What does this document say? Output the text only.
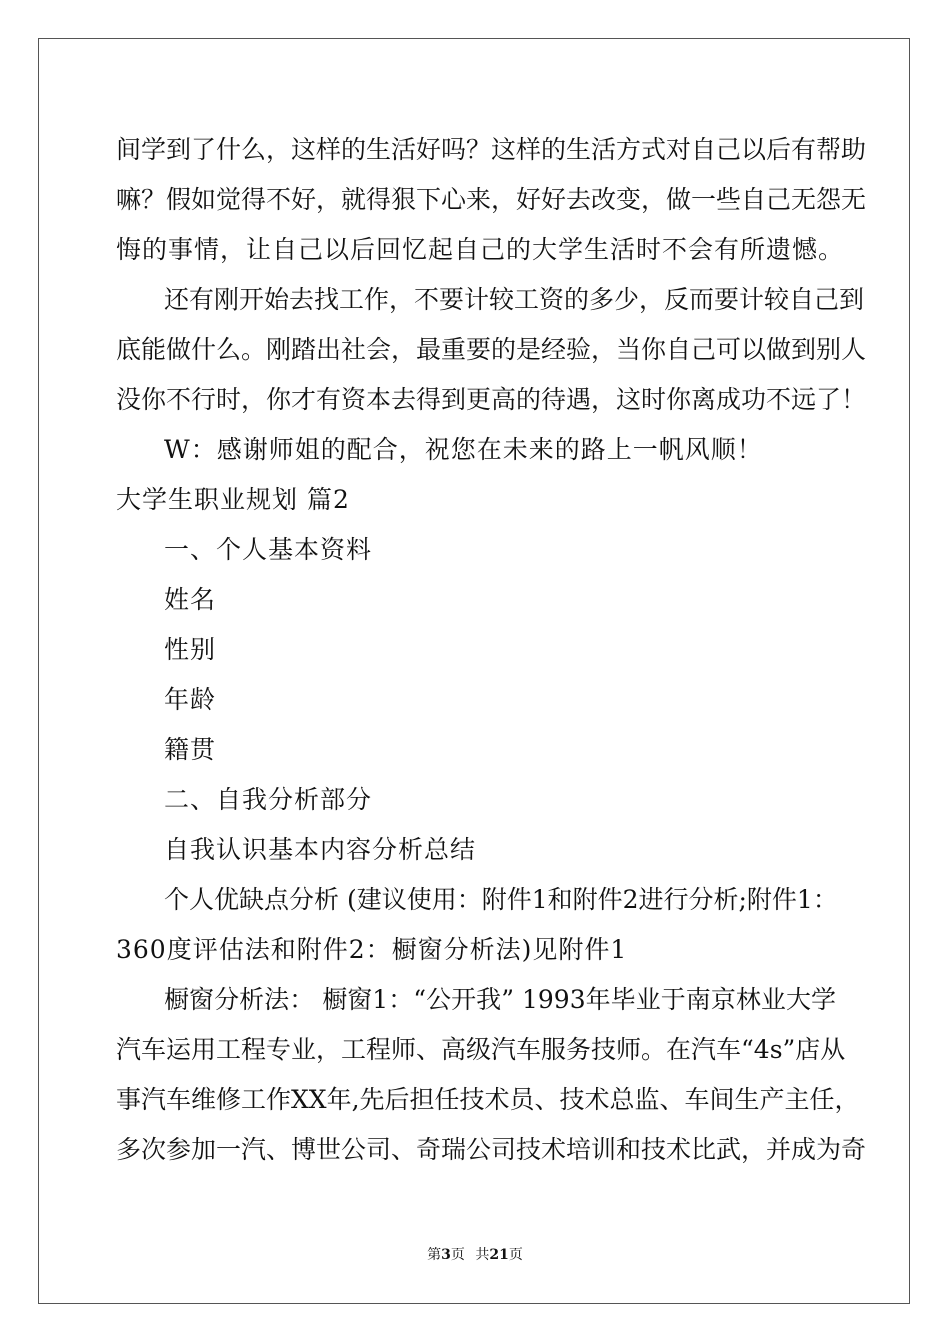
间学到了什么，这样的生活好吗？这样的生活方式对自己以后有帮助
嘛？假如觉得不好，就得狠下心来，好好去改变，做一些自己无怨无
悔的事情，让自己以后回忆起自己的大学生活时不会有所遗憾。
还有刚开始去找工作，不要计较工资的多少，反而要计较自己到
底能做什么。刚踏出社会，最重要的是经验，当你自己可以做到别人
没你不行时，你才有资本去得到更高的待遇，这时你离成功不远了！
W：感谢师姐的配合，祝您在未来的路上一帆风顺！
大学生职业规划 篇2
一、个人基本资料
姓名
性别
年龄
籍贯
二、自我分析部分
自我认识基本内容分析总结
个人优缺点分析 (建议使用：附件1和附件2进行分析;附件1：
360度评估法和附件2：橱窗分析法)见附件1
橱窗分析法： 橱窗1：“公开我” 1993年毕业于南京林业大学
汽车运用工程专业，工程师、高级汽车服务技师。在汽车“4s”店从
事汽车维修工作XX年,先后担任技术员、技术总监、车间生产主任，
多次参加一汽、博世公司、奇瑞公司技术培训和技术比武，并成为奇
第3页 共21页
